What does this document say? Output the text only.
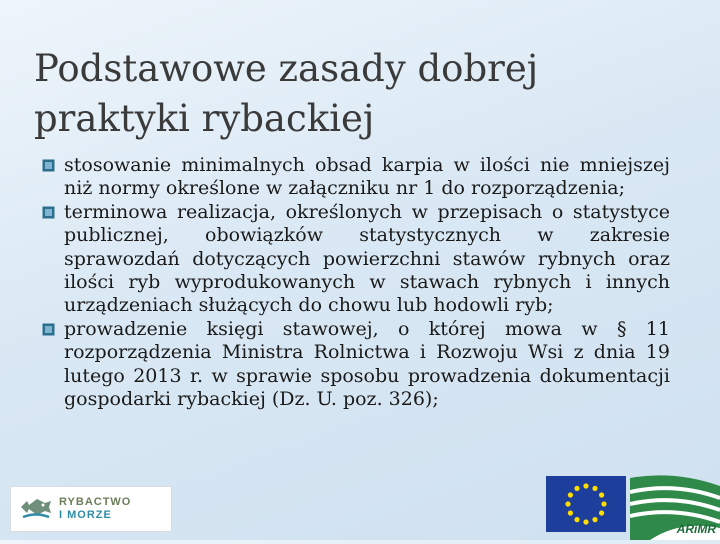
Podstawowe zasady dobrej praktyki rybackiej
stosowanie minimalnych obsad karpia w ilości nie mniejszej niż normy określone w załączniku nr 1 do rozporządzenia;
terminowa realizacja, określonych w przepisach o statystyce publicznej, obowiązków statystycznych w zakresie sprawozdań dotyczących powierzchni stawów rybnych oraz ilości ryb wyprodukowanych w stawach rybnych i innych urządzeniach służących do chowu lub hodowli ryb;
prowadzenie księgi stawowej, o której mowa w § 11 rozporządzenia Ministra Rolnictwa i Rozwoju Wsi z dnia 19 lutego 2013 r. w sprawie sposobu prowadzenia dokumentacji gospodarki rybackiej (Dz. U. poz. 326);
RYBACTWO
I MORZE
ARiMR
